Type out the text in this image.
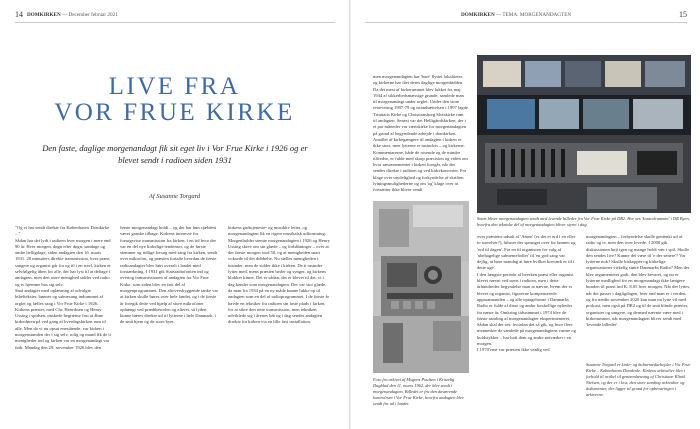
14 DOMKIRKEN — December februar 2021
LIVE FRA
VOR FRUE KIRKE
Den faste, daglige morgenandagt fik sit eget liv i Vor Frue Kirke i 1926 og er blevet sendt i radioen siden 1931
Af Susanne Torgard
"Og vi har sendt direkte fra Københavns Domkirke ..."
Sådan har det lydt i radioen hver morgen i mere end 90 år. Hver morgen, døgn efter døgn, søndage og andre helligdage, siden andagten den 16. marts 1931. 20 minutters direkte transmission, hver præst, sangere og organist går fra og til i en travl, kirken er selvfølgelig åben for alle, der har lyst til at deltage i andagten, men den store menighed sidder ved radio og tv hjemme hos sig selv.
Små andagter med oplæsning af udvalgte bibeltekster, bønner og salmesang indrammet af orglet og fælles sang i Vor Frue Kirke i 1926. Kirkens præster, med Chr. Henriksen og Henry Ussing i spidsen, ønskede begrænse fast at åbne kirkedøren på ved gang af hverdagskirken rum til alle. Men da vi nu opsat enestående, var kirken i morgenstunden der i sig selv, rolig og mand fik de ti menigheder ind og kirken var en morgenandagt var født. Mandag den 29. november 1926 blev den
første morgenandagt holdt – og der har hun sjældent været ganske tilbage. Kirkens interesse for forsøgsvise transmission fra kirken, i en tid hvor der var en del nye kirkelige tendenser, og de første stemmer og tidlige forsøg med sang fra kirken, sendt over mikrofon, og præsten fortalte hvordan de første radioandagter blev hørt overalt i landet med forstærkning. I 1931 gik Statsradiofonien ind og overtog transmissionen af andagten fra Vor Frue Kirke, som siden blev en fast del af morgenprogrammet. Den altoverskyggende tanke var at kirken skulle høres over hele landet, og i de første år foregik dette ved hjælp af store mikrofoner ophængt ved prædikestolen og alteret, så lyden kunne bæres direkte ud til lytterne i hele Danmark, i de små hjem og de store byer.
kirkens gudstjeneste- og musikliv lettet, og morgenandagten fik en rigere musikalsk udformning.
Morgenholdet stemte morgenandagten i 1926 og Henry Ussing skrev om sin glæde – og forhåbninger – over at der første morgen stod 50, og at menigheden snart voksede til det dobbelte. Nu stelles menigheden i tusinder, men de sidder ikke i kirken. De ti tusinder lytter med, mens præsten beder og synger, og kirkens klokker kimer. Det er sådan, det er blevet til det, vi i dag kender som morgenandagten. Der var stor glæde, da man fra 1934 på en ny måde kunne lukke op til andagten som en del af radioprogrammet. I de første år havde en tekniker fra radioen sin faste plads i kirken, for at sikre den rette transmission, men tekniken udviklede sig i årenes løb og i dag sendes andagten direkte fra kirken via en lille fast installation.
DOMKIRKEN — TEMA: MORGENANDAGTEN	15
men morgenandagten har 'bare' flyttet lokaliteter, og kirkerne har fået deres daglige morgenbidden. Da det mest af kirkerummet blev lukket fra maj 1944 af sikkerhedsmæssige grunde, samlede man til morgenandagt under orglet. Under den store renovering 1997-79 og istandsættelsen i 1997 lagde Trinitatis Kirke og Christiansborg Slotskirke rum til andagten. Senest var det Helligåndskirken, der i et par måneder var værtskirke for morgenandagten på grund af begyndende arbejde i domkirken.
Antallet af kirkegængere til andagten i kirken er ikke stort, men lytterne er tusindvis – og kirkerne. Kommentarerne, både de rosende og de mindre tilfredse, er fulde med skarp præcision og viden om hvor ræsonnementet i kirken foregår, når der sendes direkte i radioen og ved kirkekoncerter. Fra klage over utydelighed og forkyndelse af skriften lytningsmulighederne og om 'og' klage over at fortsætter ikke bliver sendt
Foto fra arkivet af Mogens Poulsen i Kristelig Dagblad den 11. marts 1962, der blev sendt i morgenandagten. Billedet er fra den daværende kontrolrum i Vor Frue Kirke, hvorfra andagten blev sendt fra ud i landet.
Snart bliver morgenandagten sendt med levende billeder fra Vor Frue Kirke på DR2. Her ses 'kontrolrummet' i DR Byen, hvorfra den tekniske del af morgenandagten bliver styret i dag.
over præstens udsalt af 'Amen' (er det et ord i en eller to stavelser?), hilsner der sprunget over for bønner og 'ord til dagen'. Fra en til organisten for valg af 'ubehagelige salmemelodier' til 'en god sang var dejlig, at høre mandag at høre hvilket korværk er til i dette uge'.
I den længste periode af hverken præst eller organist blevet nævnt ved navn i radioen, men i dette århundredes begyndelse man at nævne, hvem der er blevet og organist, figurerne kompenserede apparatmanden – og alle optagelserne i Danmarks Radio er fulde af disse og andre forskellige nyheder fra næste år. Omkring tidsrummet i 1974 blev de første samling af morgenandagter eksperimenteret. Sådan skal det ses: hvordan det så gik, og hvor flere mennesker de samlede på morgenandagtens varme og kuldstykker – har haft dem og andre netværker i en morgen.
I 1970'erne var præsten ikke vanlig ved
morgenandagten – forhyndelse skulle gentenkt ud af radio og tv, men den over levede. I 2000 gik diskussionen højt igen og mange holdt vær i spil. Skulle den sendes live? Kunne det være til 'e der senere'? Var lytterne nok? Skulle biskopper og kirkelige organisationer virkelig støtte Danmarks Radio? Men der blev argumenteret godt, den blev bevaret, og nu er lytterne medlighed for en morgenandagt ikke længere bunden til præst ind K. 8.05 hver morgen. Når der lyttes, når det passer i dagligdagen, hver end man er i verden, og fra medio november 2020 kan man nu lytte vil med podcast, men også på DR2 og til de små blinde præster, organister og sangere, og dermed nævnte være med i kirkerummet, når morgenandagten bliver sendt med 'levende billeder'.
Susanne Torgard er kirke- og kulturmedarbejder i Vor Frue Kirke – Københavns Domkirke. Kirkens arkivalier blev i forhold til artikel til gennemlæsning af Christiane Klinik Nielsen, og der er i kr.a. den store samling arkivalier og dokumenter, der ligger til grund for opbevaringen i arkiverne.
